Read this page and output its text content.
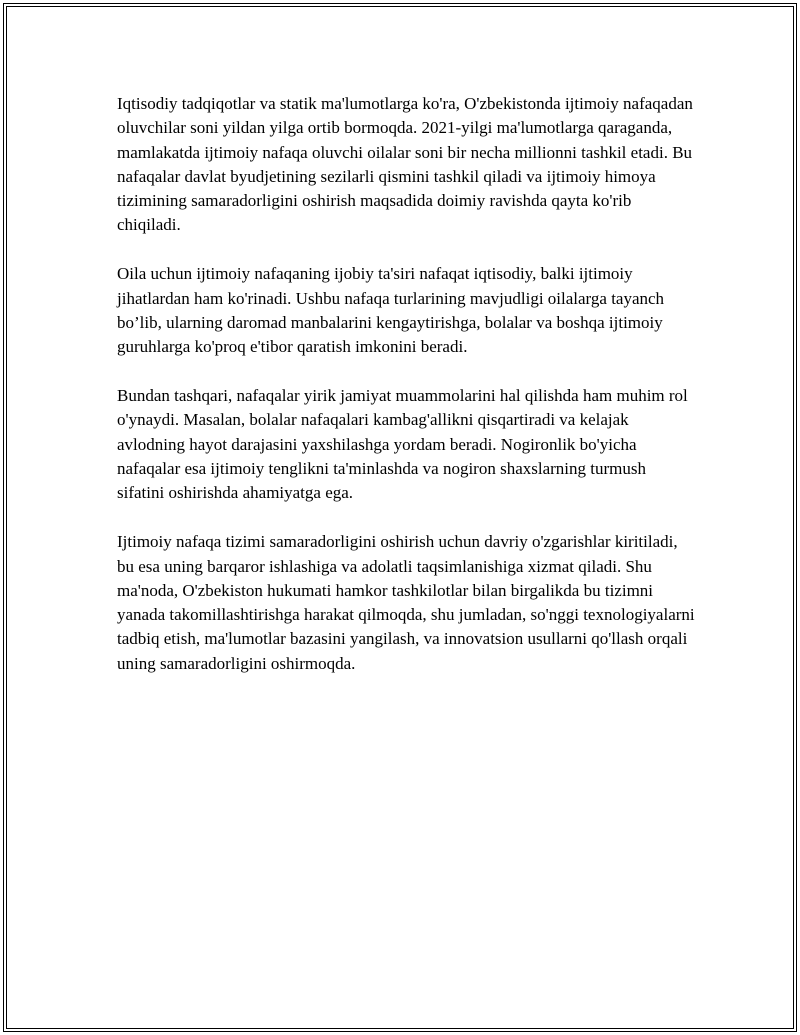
Iqtisodiy tadqiqotlar va statik ma'lumotlarga ko'ra, O'zbekistonda ijtimoiy nafaqadan oluvchilar soni yildan yilga ortib bormoqda. 2021-yilgi ma'lumotlarga qaraganda, mamlakatda ijtimoiy nafaqa oluvchi oilalar soni bir necha millionni tashkil etadi. Bu nafaqalar davlat byudjetining sezilarli qismini tashkil qiladi va ijtimoiy himoya tizimining samaradorligini oshirish maqsadida doimiy ravishda qayta ko'rib chiqiladi.

Oila uchun ijtimoiy nafaqaning ijobiy ta'siri nafaqat iqtisodiy, balki ijtimoiy jihatlardan ham ko'rinadi. Ushbu nafaqa turlarining mavjudligi oilalarga tayanch bo’lib, ularning daromad manbalarini kengaytirishga, bolalar va boshqa ijtimoiy guruhlarga ko'proq e'tibor qaratish imkonini beradi.

Bundan tashqari, nafaqalar yirik jamiyat muammolarini hal qilishda ham muhim rol o'ynaydi. Masalan, bolalar nafaqalari kambag'allikni qisqartiradi va kelajak avlodning hayot darajasini yaxshilashga yordam beradi. Nogironlik bo'yicha nafaqalar esa ijtimoiy tenglikni ta'minlashda va nogiron shaxslarning turmush sifatini oshirishda ahamiyatga ega.

Ijtimoiy nafaqa tizimi samaradorligini oshirish uchun davriy o'zgarishlar kiritiladi, bu esa uning barqaror ishlashiga va adolatli taqsimlanishiga xizmat qiladi. Shu ma'noda, O'zbekiston hukumati hamkor tashkilotlar bilan birgalikda bu tizimni yanada takomillashtirishga harakat qilmoqda, shu jumladan, so'nggi texnologiyalarni tadbiq etish, ma'lumotlar bazasini yangilash, va innovatsion usullarni qo'llash orqali uning samaradorligini oshirmoqda.
